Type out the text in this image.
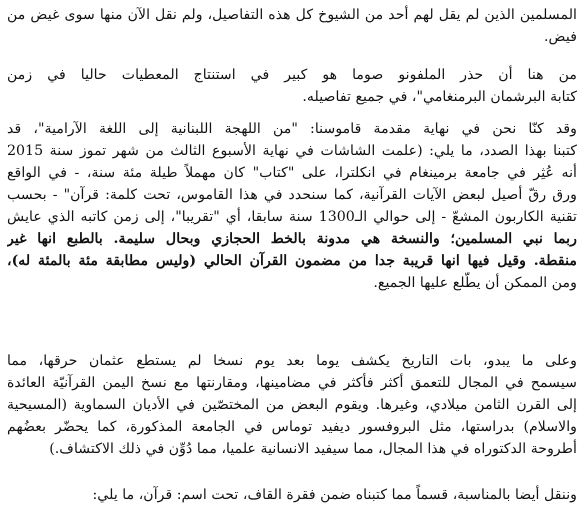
المسلمين الذين لم يقل لهم أحد من الشيوخ كل هذه التفاصيل، ولم نقل الآن منها سوى غيض من
فيض.
من هنا أن حذر الملفونو صوما هو كبير في استنتاج المعطيات حاليا في زمن
كتابة البرشمان البرمنغامي"، في جميع تفاصيله.
وقد كنّا نحن في نهاية مقدمة قاموسنا: "من اللهجة اللبنانية إلى اللغة الآرامية"، قد
كتبنا بهذا الصدد، ما يلي: (علمت الشاشات في نهاية الأسبوع الثالث من شهر تموز سنة 2015
أنه عُثِر في جامعة برمينغام في انكلترا، على "كتاب" كان مهملاً طيلة مئة سنة، - في الواقع
ورق رقّ أصيل لبعض الآيات القرآنية، كما سنحدد في هذا القاموس، تحت كلمة: قرآن" - بحسب
تقنية الكاربون المشعّ - إلى حوالي الـ1300 سنة سابقا، أي "تقريبا"، إلى زمن كاتبه الذي عايش
ربما نبي المسلمين؛ والنسخة هي مدونة بالخط الحجازي وبحال سليمة. بالطبع انها غير
منقطة. وقيل فيها انها قريبة جدا من مضمون القرآن الحالي (وليس مطابقة مئة بالمئة له)،
ومن الممكن أن يطّلع عليها الجميع.
وعلى ما يبدو، بات التاريخ يكشف يوما بعد يوم نسخا لم يستطع عثمان حرقها، مما
سيسمح في المجال للتعمق أكثر فأكثر في مضامينها، ومقارنتها مع نسخ اليمن القرآنيّة العائدة
إلى القرن الثامن ميلادي، وغيرها. ويقوم البعض من المختصّين في الأديان السماوية (المسيحية
والاسلام) بدراستها، مثل البروفسور ديفيد توماس في الجامعة المذكورة، كما يحضّر بعضُهم
أطروحة الدكتوراه في هذا المجال، مما سيفيد الانسانية علميا، مما دُوِّن في ذلك الاكتشاف.)
وننقل أيضا بالمناسبة، قسماً مما كتبناه ضمن فقرة القاف، تحت اسم: قرآن، ما يلي:
